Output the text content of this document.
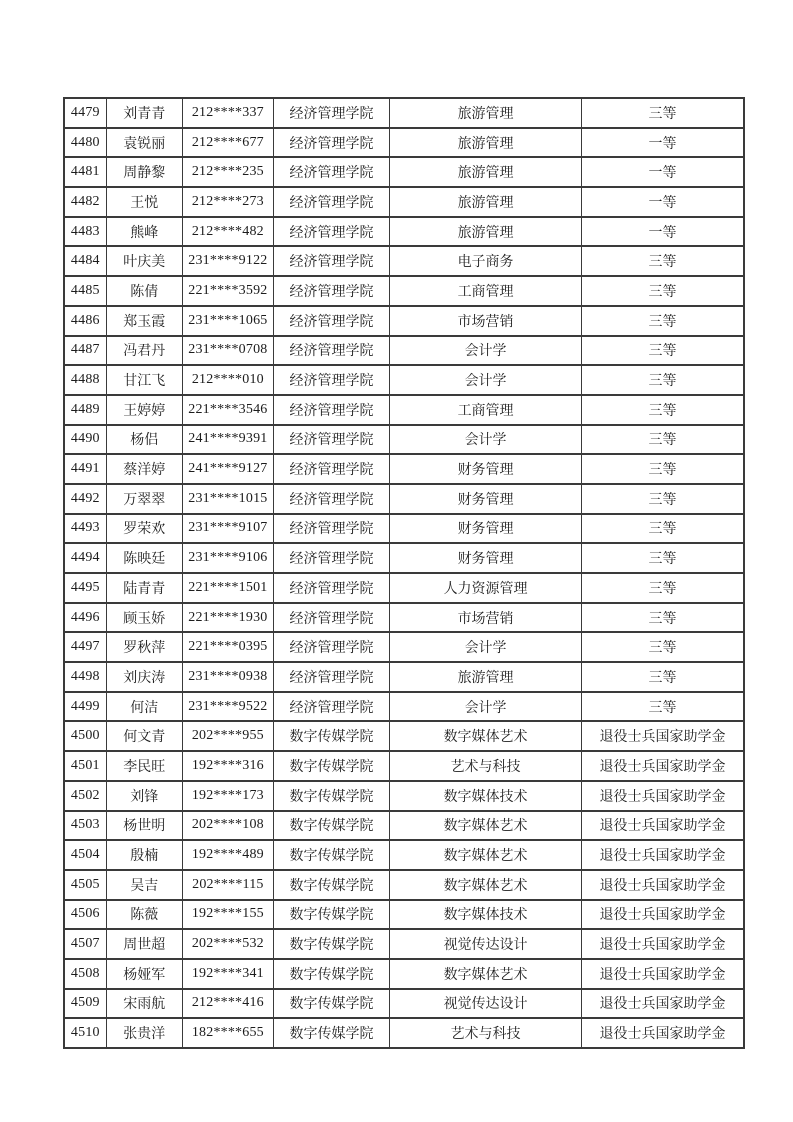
4479	刘青青	212****337	经济管理学院	旅游管理	三等
4480	袁锐丽	212****677	经济管理学院	旅游管理	一等
4481	周静黎	212****235	经济管理学院	旅游管理	一等
4482	王悦	212****273	经济管理学院	旅游管理	一等
4483	熊峰	212****482	经济管理学院	旅游管理	一等
4484	叶庆美	231****9122	经济管理学院	电子商务	三等
4485	陈倩	221****3592	经济管理学院	工商管理	三等
4486	郑玉霞	231****1065	经济管理学院	市场营销	三等
4487	冯君丹	231****0708	经济管理学院	会计学	三等
4488	甘江飞	212****010	经济管理学院	会计学	三等
4489	王婷婷	221****3546	经济管理学院	工商管理	三等
4490	杨侣	241****9391	经济管理学院	会计学	三等
4491	蔡洋婷	241****9127	经济管理学院	财务管理	三等
4492	万翠翠	231****1015	经济管理学院	财务管理	三等
4493	罗荣欢	231****9107	经济管理学院	财务管理	三等
4494	陈映廷	231****9106	经济管理学院	财务管理	三等
4495	陆青青	221****1501	经济管理学院	人力资源管理	三等
4496	顾玉娇	221****1930	经济管理学院	市场营销	三等
4497	罗秋萍	221****0395	经济管理学院	会计学	三等
4498	刘庆涛	231****0938	经济管理学院	旅游管理	三等
4499	何洁	231****9522	经济管理学院	会计学	三等
4500	何文青	202****955	数字传媒学院	数字媒体艺术	退役士兵国家助学金
4501	李民旺	192****316	数字传媒学院	艺术与科技	退役士兵国家助学金
4502	刘锋	192****173	数字传媒学院	数字媒体技术	退役士兵国家助学金
4503	杨世明	202****108	数字传媒学院	数字媒体艺术	退役士兵国家助学金
4504	殷楠	192****489	数字传媒学院	数字媒体艺术	退役士兵国家助学金
4505	吴吉	202****115	数字传媒学院	数字媒体艺术	退役士兵国家助学金
4506	陈薇	192****155	数字传媒学院	数字媒体技术	退役士兵国家助学金
4507	周世超	202****532	数字传媒学院	视觉传达设计	退役士兵国家助学金
4508	杨娅军	192****341	数字传媒学院	数字媒体艺术	退役士兵国家助学金
4509	宋雨航	212****416	数字传媒学院	视觉传达设计	退役士兵国家助学金
4510	张贵洋	182****655	数字传媒学院	艺术与科技	退役士兵国家助学金
